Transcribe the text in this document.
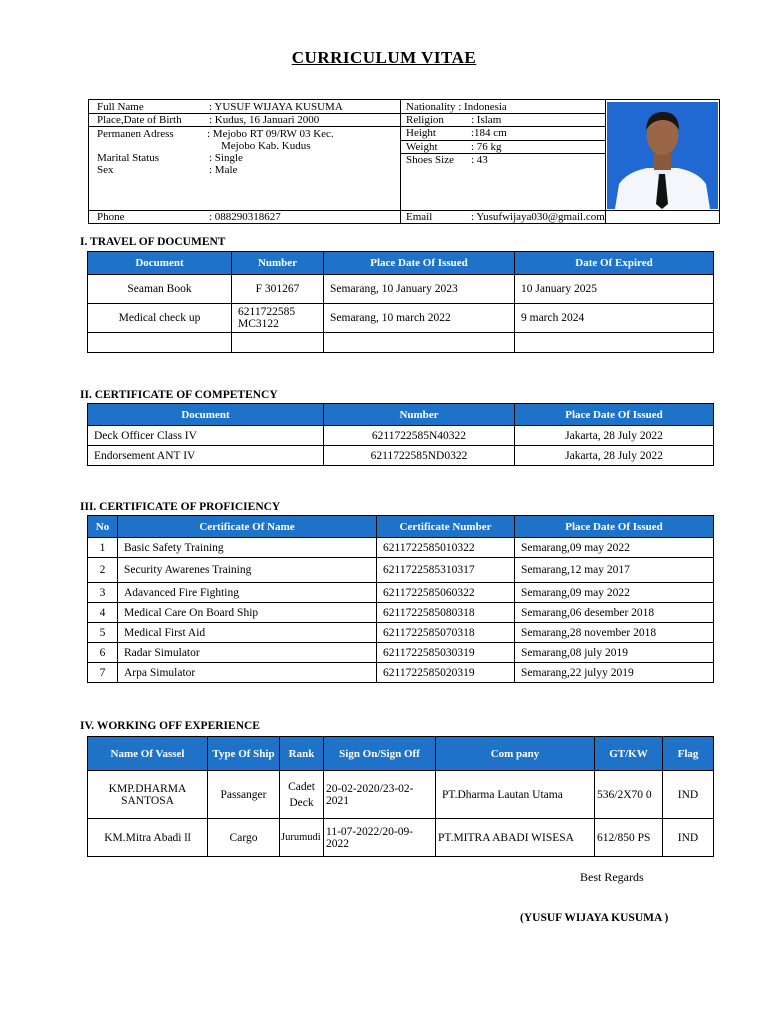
CURRICULUM VITAE
Full Name	: YUSUF WIJAYA KUSUMA
Place,Date of Birth : Kudus, 16 Januari 2000
Permanen Adress	: Mejobo RT 09/RW 03 Kec.
Mejobo Kab. Kudus
Marital Status	: Single
Sex	: Male
Phone	: 088290318627
Nationality : Indonesia
Religion : Islam
Height	:184 cm
Weight	: 76 kg
Shoes Size : 43
Email	: Yusufwijaya030@gmail.com
I. TRAVEL OF DOCUMENT
Document	Number	Place Date Of Issued	Date Of Expired
Seaman Book	F 301267	Semarang, 10 January 2023	10 January 2025
Medical check up	6211722585 MC3122	Semarang, 10 march 2022	9 march 2024

II. CERTIFICATE OF COMPETENCY
Document	Number	Place Date Of Issued
Deck Officer Class IV	6211722585N40322	Jakarta, 28 July 2022
Endorsement ANT IV	6211722585ND0322	Jakarta, 28 July 2022
III. CERTIFICATE OF PROFICIENCY
No	Certificate Of Name	Certificate Number	Place Date Of Issued
1	Basic Safety Training	6211722585010322	Semarang,09 may 2022
2	Security Awarenes Training	6211722585310317	Semarang,12 may 2017
3	Adavanced Fire Fighting	6211722585060322	Semarang,09 may 2022
4	Medical Care On Board Ship	6211722585080318	Semarang,06 desember 2018
5	Medical First Aid	6211722585070318	Semarang,28 november 2018
6	Radar Simulator	6211722585030319	Semarang,08 july 2019
7	Arpa Simulator	6211722585020319	Semarang,22 julyy 2019
IV. WORKING OFF EXPERIENCE
Name Of Vassel	Type Of Ship	Rank	Sign On/Sign Off	Com pany	GT/KW	Flag
KMP.DHARMA SANTOSA	Passanger	Cadet Deck	20-02-2020/23-02-2021	PT.Dharma Lautan Utama	536/2X70 0	IND
KM.Mitra Abadi ll	Cargo	Jurumudi	11-07-2022/20-09-2022	PT.MITRA ABADI WISESA	612/850 PS	IND
Best Regards
(YUSUF WIJAYA KUSUMA )
